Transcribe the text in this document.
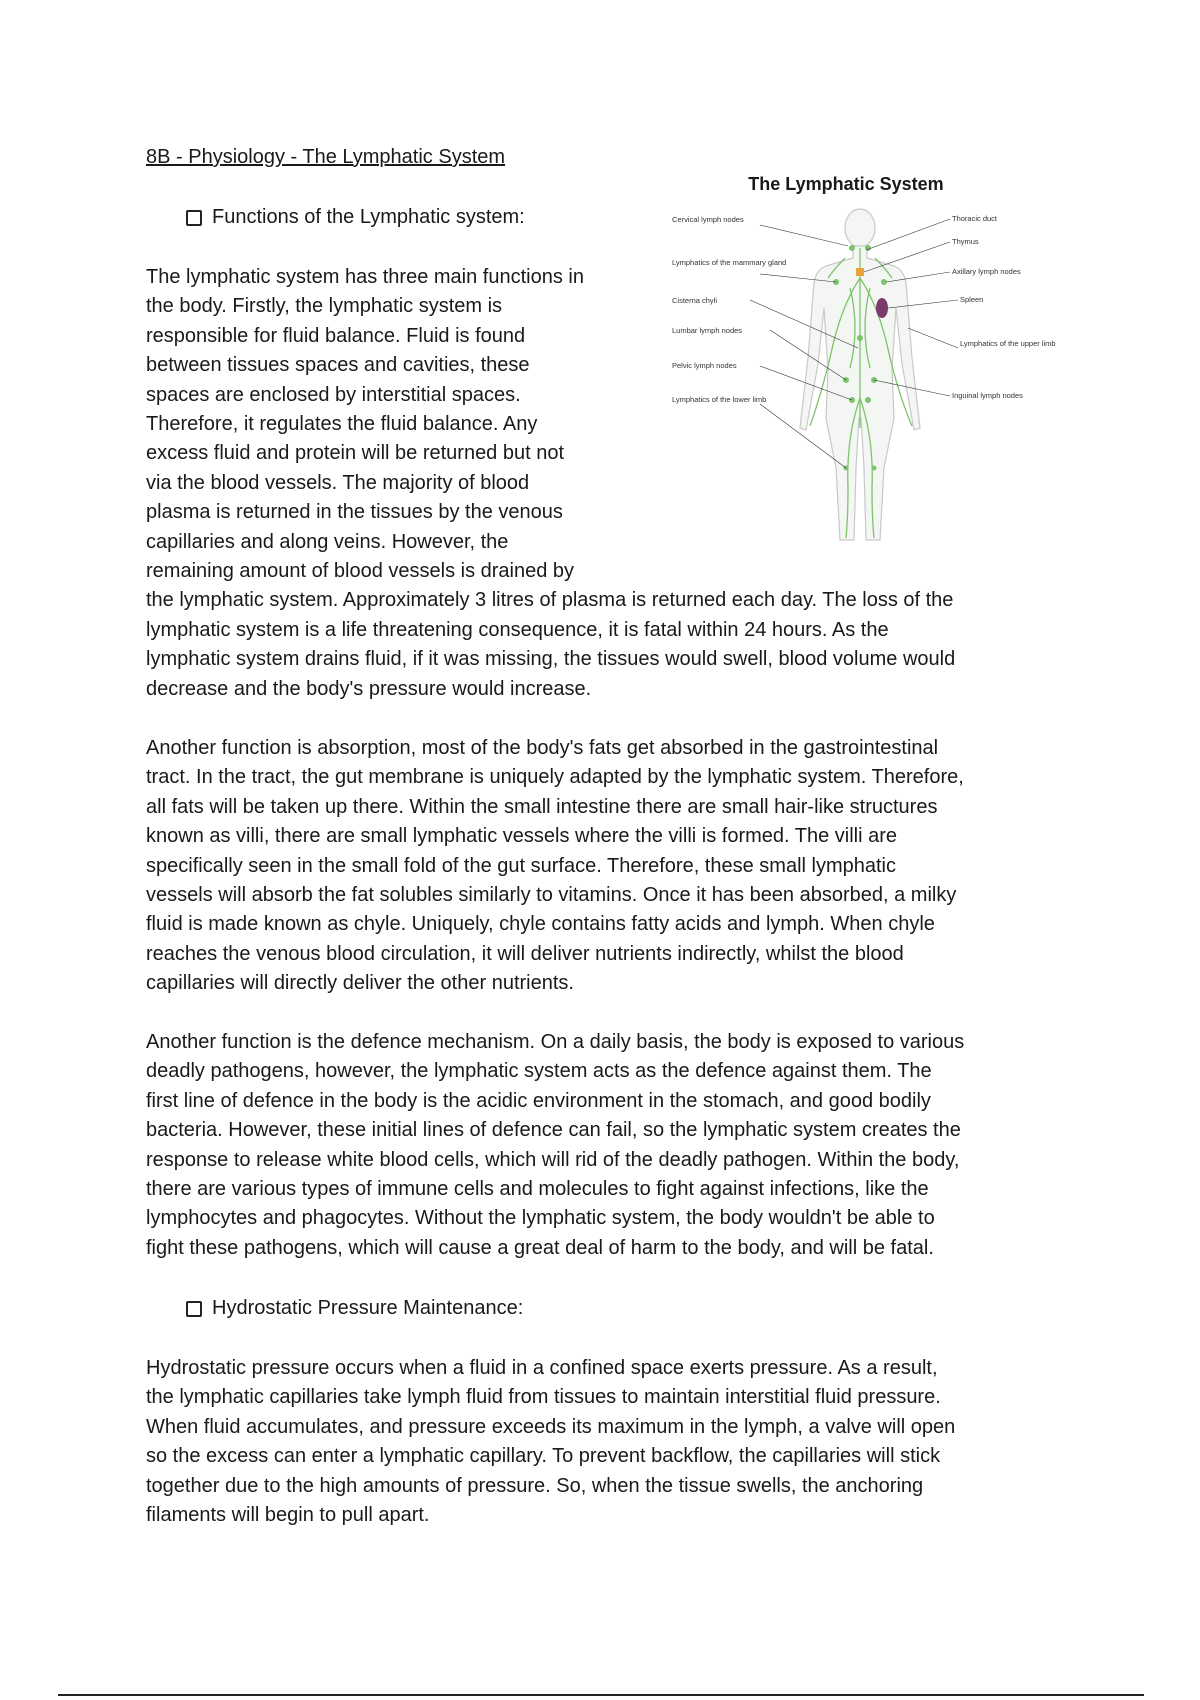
8B - Physiology - The Lymphatic System
Functions of the Lymphatic system:

The lymphatic system has three main functions in
the body. Firstly, the lymphatic system is
responsible for fluid balance. Fluid is found
between tissues spaces and cavities, these
spaces are enclosed by interstitial spaces.
Therefore, it regulates the fluid balance. Any
excess fluid and protein will be returned but not
via the blood vessels. The majority of blood
plasma is returned in the tissues by the venous
capillaries and along veins. However, the
remaining amount of blood vessels is drained by
the lymphatic system. Approximately 3 litres of plasma is returned each day. The loss of the
lymphatic system is a life threatening consequence, it is fatal within 24 hours. As the
lymphatic system drains fluid, if it was missing, the tissues would swell, blood volume would
decrease and the body's pressure would increase.

Another function is absorption, most of the body's fats get absorbed in the gastrointestinal
tract. In the tract, the gut membrane is uniquely adapted by the lymphatic system. Therefore,
all fats will be taken up there. Within the small intestine there are small hair-like structures
known as villi, there are small lymphatic vessels where the villi is formed. The villi are
specifically seen in the small fold of the gut surface. Therefore, these small lymphatic
vessels will absorb the fat solubles similarly to vitamins. Once it has been absorbed, a milky
fluid is made known as chyle. Uniquely, chyle contains fatty acids and lymph. When chyle
reaches the venous blood circulation, it will deliver nutrients indirectly, whilst the blood
capillaries will directly deliver the other nutrients.

Another function is the defence mechanism. On a daily basis, the body is exposed to various
deadly pathogens, however, the lymphatic system acts as the defence against them. The
first line of defence in the body is the acidic environment in the stomach, and good bodily
bacteria. However, these initial lines of defence can fail, so the lymphatic system creates the
response to release white blood cells, which will rid of the deadly pathogen. Within the body,
there are various types of immune cells and molecules to fight against infections, like the
lymphocytes and phagocytes. Without the lymphatic system, the body wouldn't be able to
fight these pathogens, which will cause a great deal of harm to the body, and will be fatal.

Hydrostatic Pressure Maintenance:

Hydrostatic pressure occurs when a fluid in a confined space exerts pressure. As a result,
the lymphatic capillaries take lymph fluid from tissues to maintain interstitial fluid pressure.
When fluid accumulates, and pressure exceeds its maximum in the lymph, a valve will open
so the excess can enter a lymphatic capillary. To prevent backflow, the capillaries will stick
together due to the high amounts of pressure. So, when the tissue swells, the anchoring
filaments will begin to pull apart.

The Lymphatic System
Cervical lymph nodes
Lymphatics of the mammary gland
Cisterna chyli
Lumbar lymph nodes
Pelvic lymph nodes
Lymphatics of the lower limb
Thoracic duct
Thymus
Axillary lymph nodes
Spleen
Lymphatics of the upper limb
Inguinal lymph nodes
